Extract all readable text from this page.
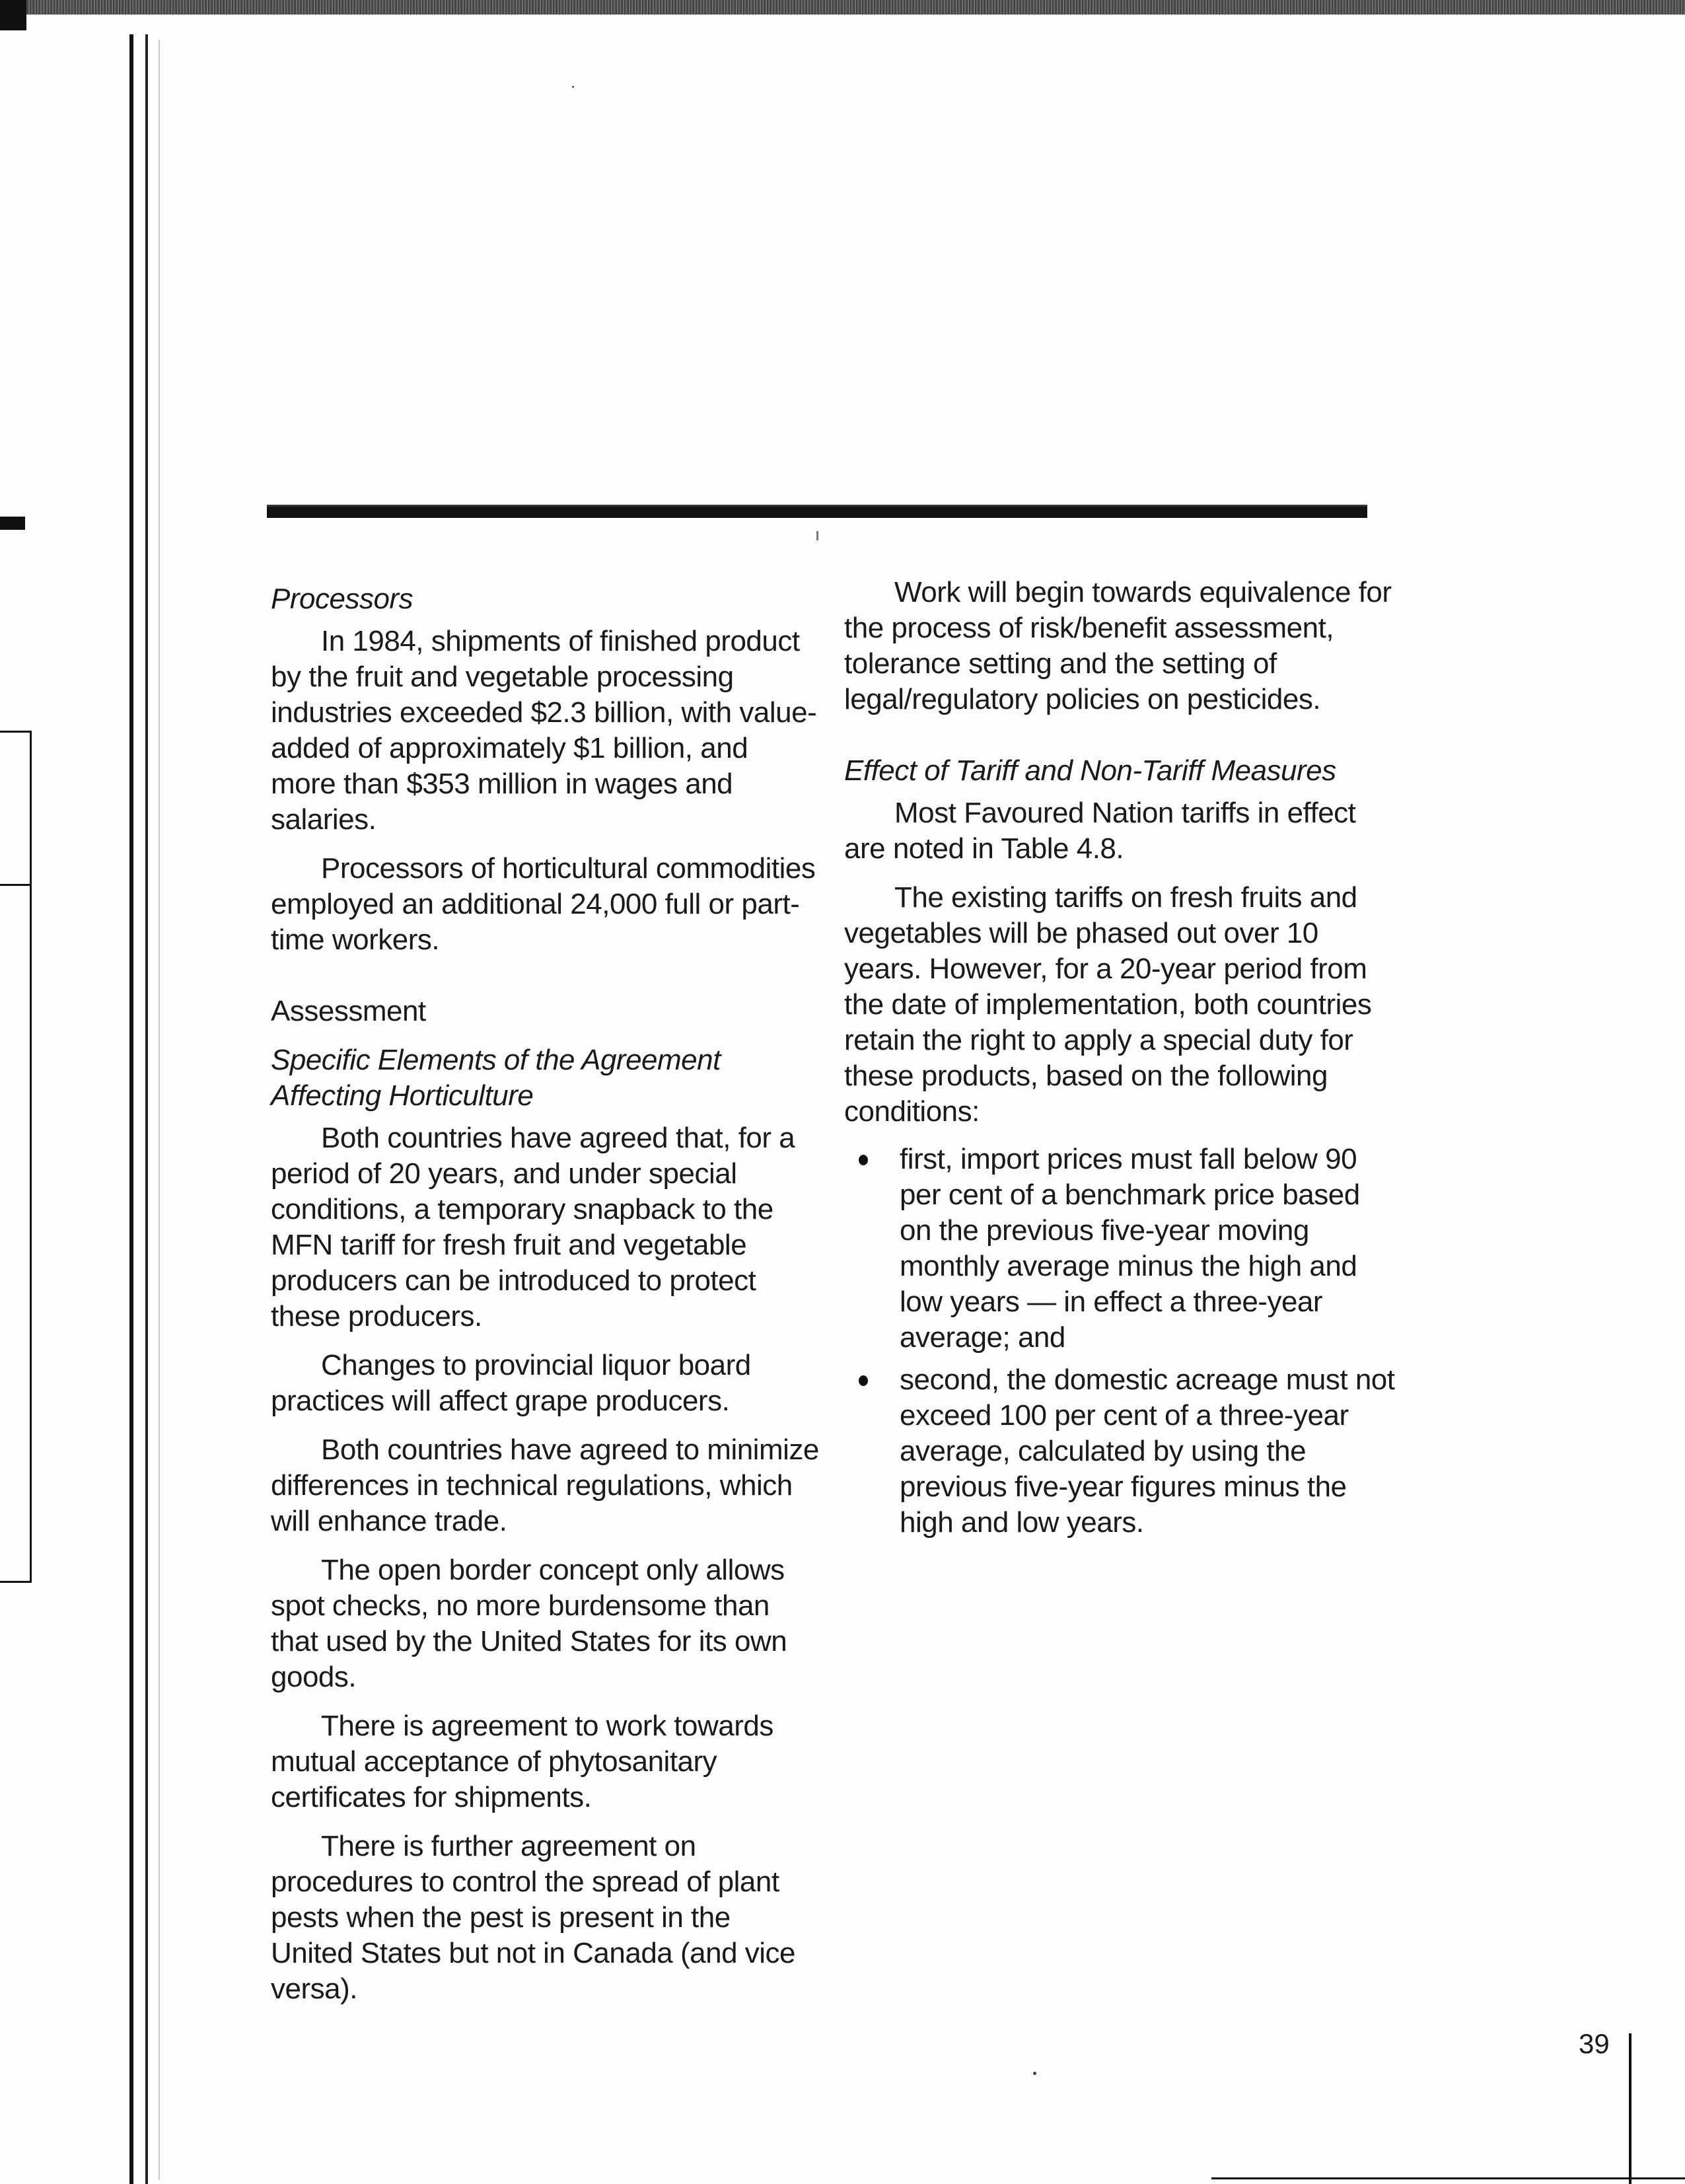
Processors

In 1984, shipments of finished product by the fruit and vegetable processing industries exceeded $2.3 billion, with value-added of approximately $1 billion, and more than $353 million in wages and salaries.

Processors of horticultural commodities employed an additional 24,000 full or part-time workers.

Assessment

Specific Elements of the Agreement Affecting Horticulture

Both countries have agreed that, for a period of 20 years, and under special conditions, a temporary snapback to the MFN tariff for fresh fruit and vegetable producers can be introduced to protect these producers.

Changes to provincial liquor board practices will affect grape producers.

Both countries have agreed to minimize differences in technical regulations, which will enhance trade.

The open border concept only allows spot checks, no more burdensome than that used by the United States for its own goods.

There is agreement to work towards mutual acceptance of phytosanitary certificates for shipments.

There is further agreement on procedures to control the spread of plant pests when the pest is present in the United States but not in Canada (and vice versa).

Work will begin towards equivalence for the process of risk/benefit assessment, tolerance setting and the setting of legal/regulatory policies on pesticides.

Effect of Tariff and Non-Tariff Measures

Most Favoured Nation tariffs in effect are noted in Table 4.8.

The existing tariffs on fresh fruits and vegetables will be phased out over 10 years. However, for a 20-year period from the date of implementation, both countries retain the right to apply a special duty for these products, based on the following conditions:

first, import prices must fall below 90 per cent of a benchmark price based on the previous five-year moving monthly average minus the high and low years — in effect a three-year average; and
second, the domestic acreage must not exceed 100 per cent of a three-year average, calculated by using the previous five-year figures minus the high and low years.
39
